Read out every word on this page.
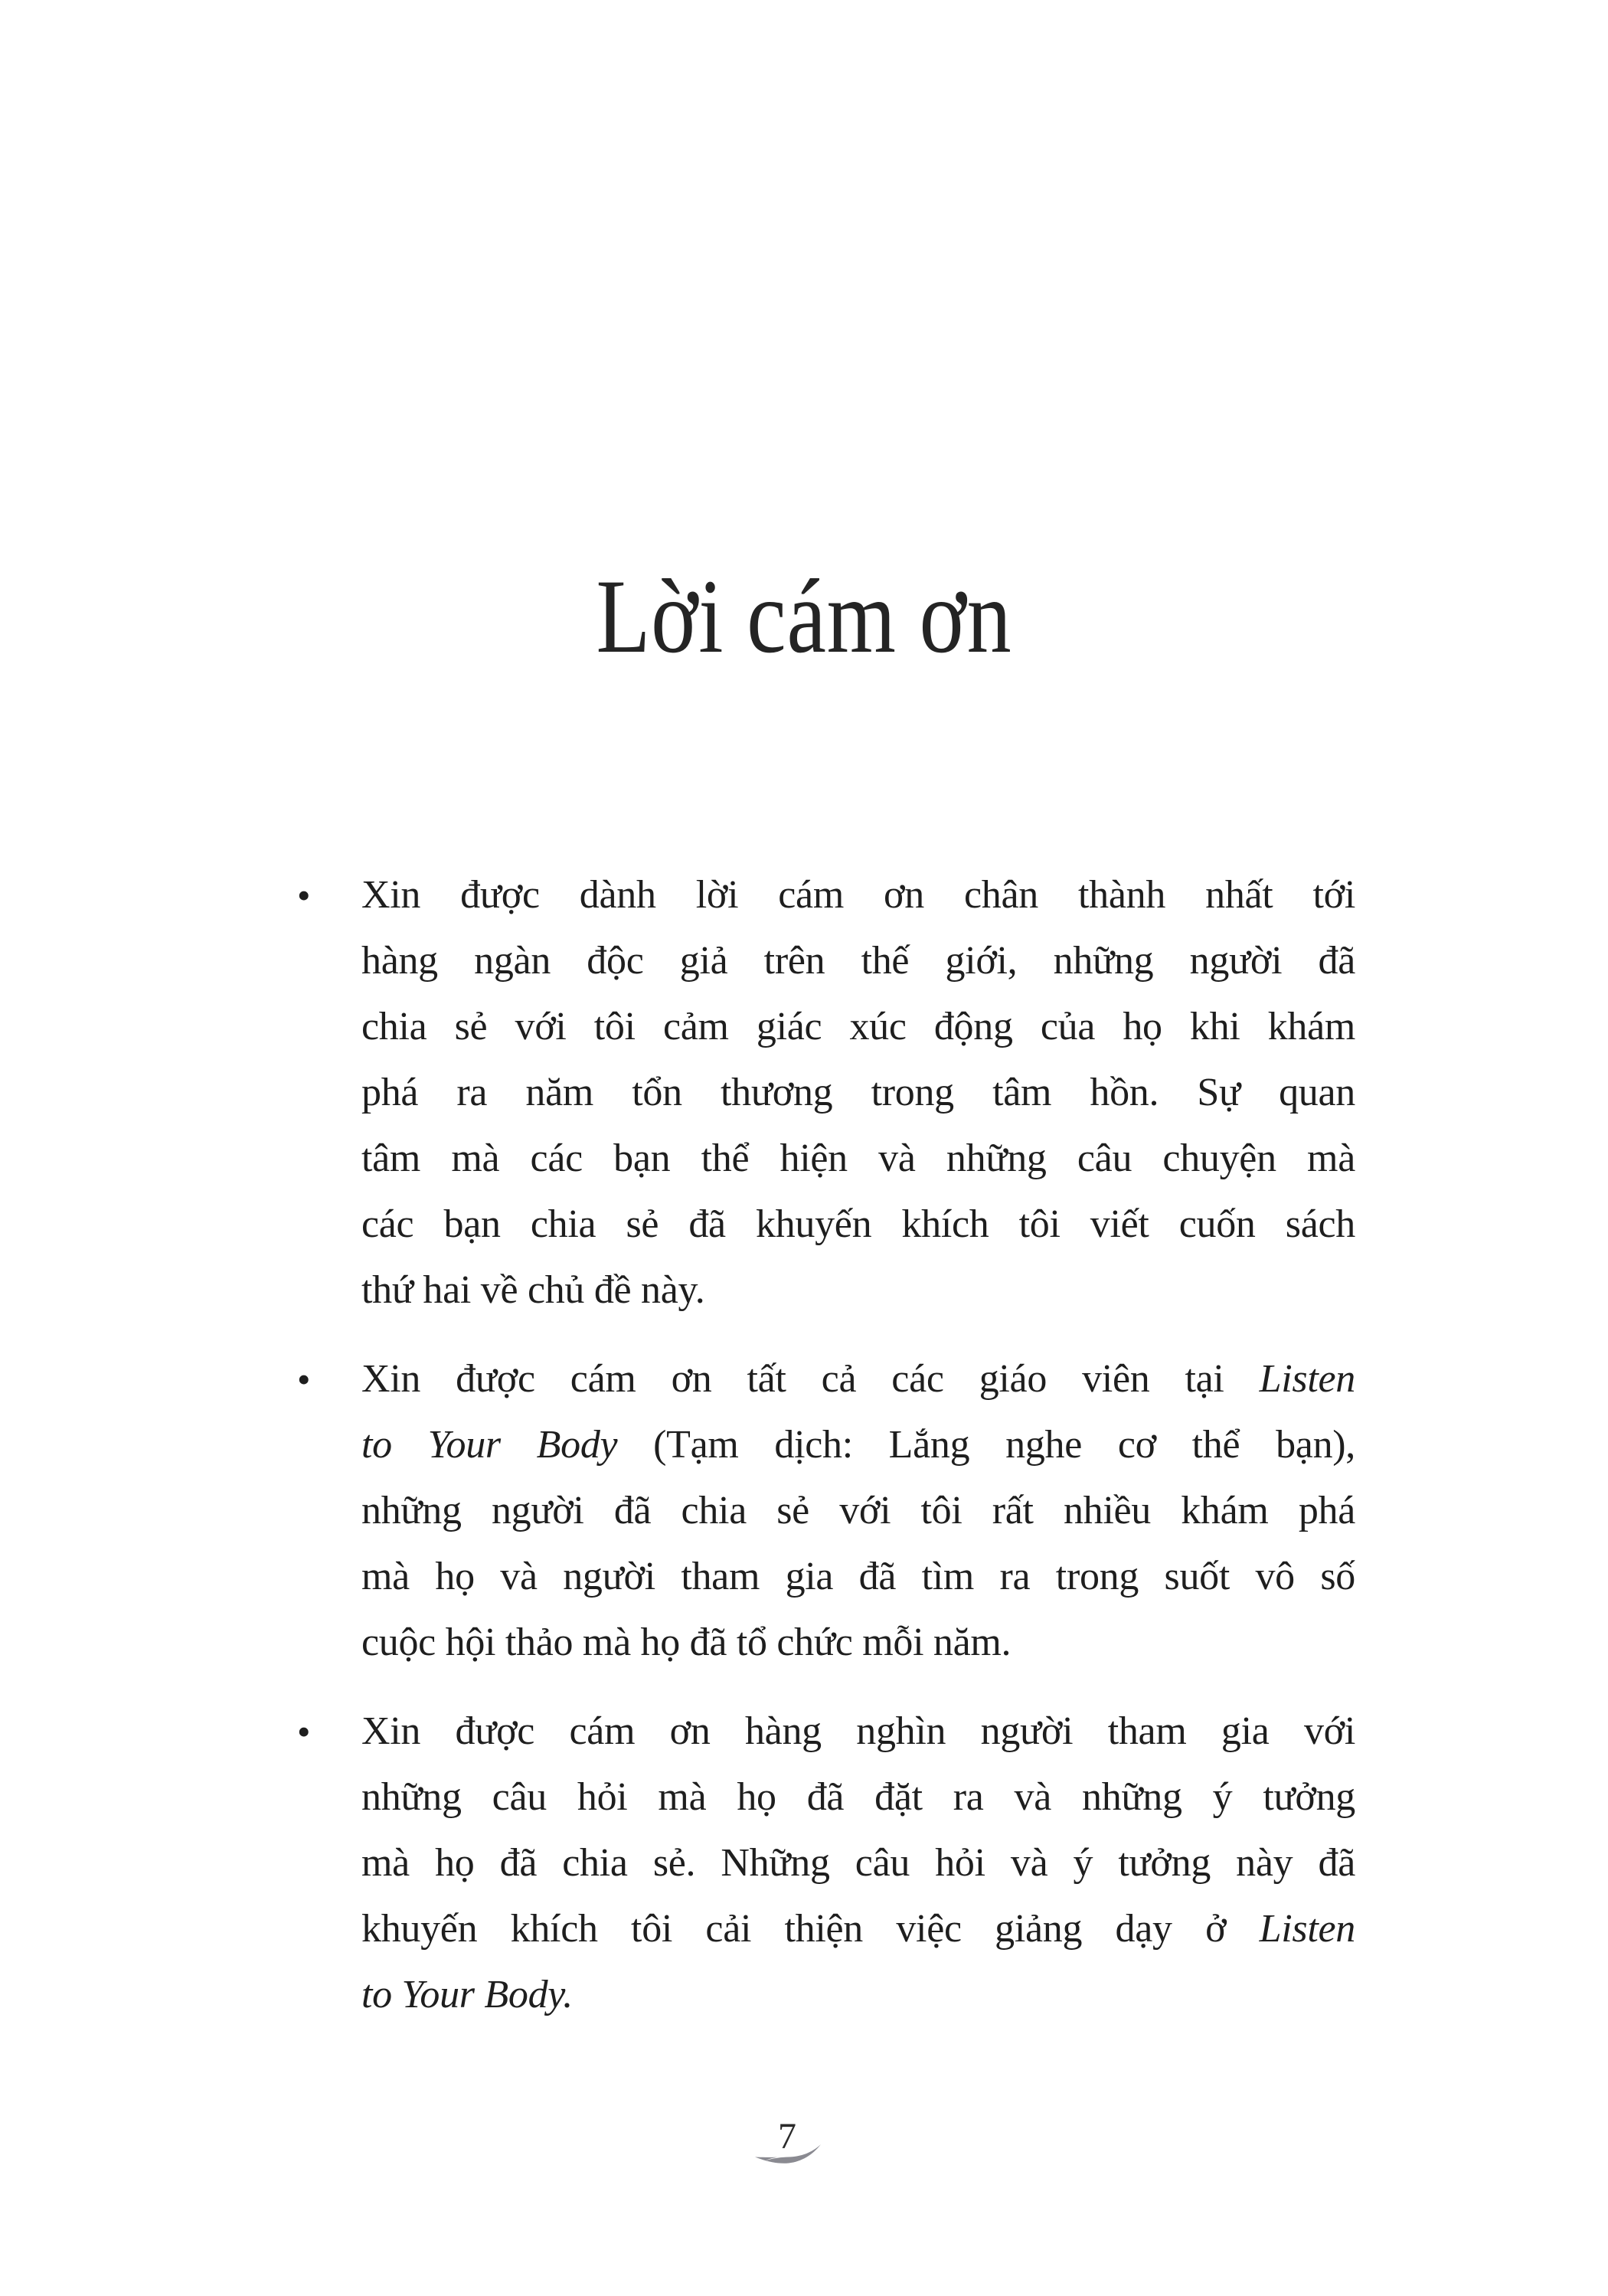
Lời cám ơn
• Xin được dành lời cám ơn chân thành nhất tới
hàng ngàn độc giả trên thế giới, những người đã
chia sẻ với tôi cảm giác xúc động của họ khi khám
phá ra năm tổn thương trong tâm hồn. Sự quan
tâm mà các bạn thể hiện và những câu chuyện mà
các bạn chia sẻ đã khuyến khích tôi viết cuốn sách
thứ hai về chủ đề này.
• Xin được cám ơn tất cả các giáo viên tại Listen
to Your Body (Tạm dịch: Lắng nghe cơ thể bạn),
những người đã chia sẻ với tôi rất nhiều khám phá
mà họ và người tham gia đã tìm ra trong suốt vô số
cuộc hội thảo mà họ đã tổ chức mỗi năm.
• Xin được cám ơn hàng nghìn người tham gia với
những câu hỏi mà họ đã đặt ra và những ý tưởng
mà họ đã chia sẻ. Những câu hỏi và ý tưởng này đã
khuyến khích tôi cải thiện việc giảng dạy ở Listen
to Your Body.
7
